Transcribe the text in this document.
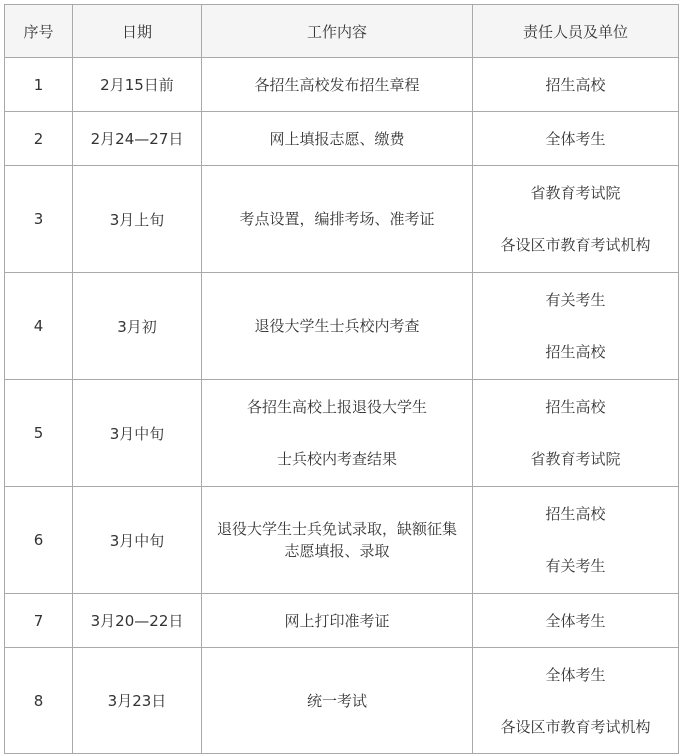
序号	日期	工作内容	责任人员及单位
1	2月15日前	各招生高校发布招生章程	招生高校

2	2月24—27日	网上填报志愿、缴费	全体考生

3	3月上旬	考点设置，编排考场、准考证	省教育考试院
各设区市教育考试机构

4	3月初	退役大学生士兵校内考查	有关考生
招生高校

5	3月中旬	各招生高校上报退役大学生
士兵校内考查结果	招生高校
省教育考试院

6	3月中旬	退役大学生士兵免试录取，缺额征集
志愿填报、录取	招生高校
有关考生

7	3月20—22日	网上打印准考证	全体考生

8	3月23日	统一考试	全体考生
各设区市教育考试机构
